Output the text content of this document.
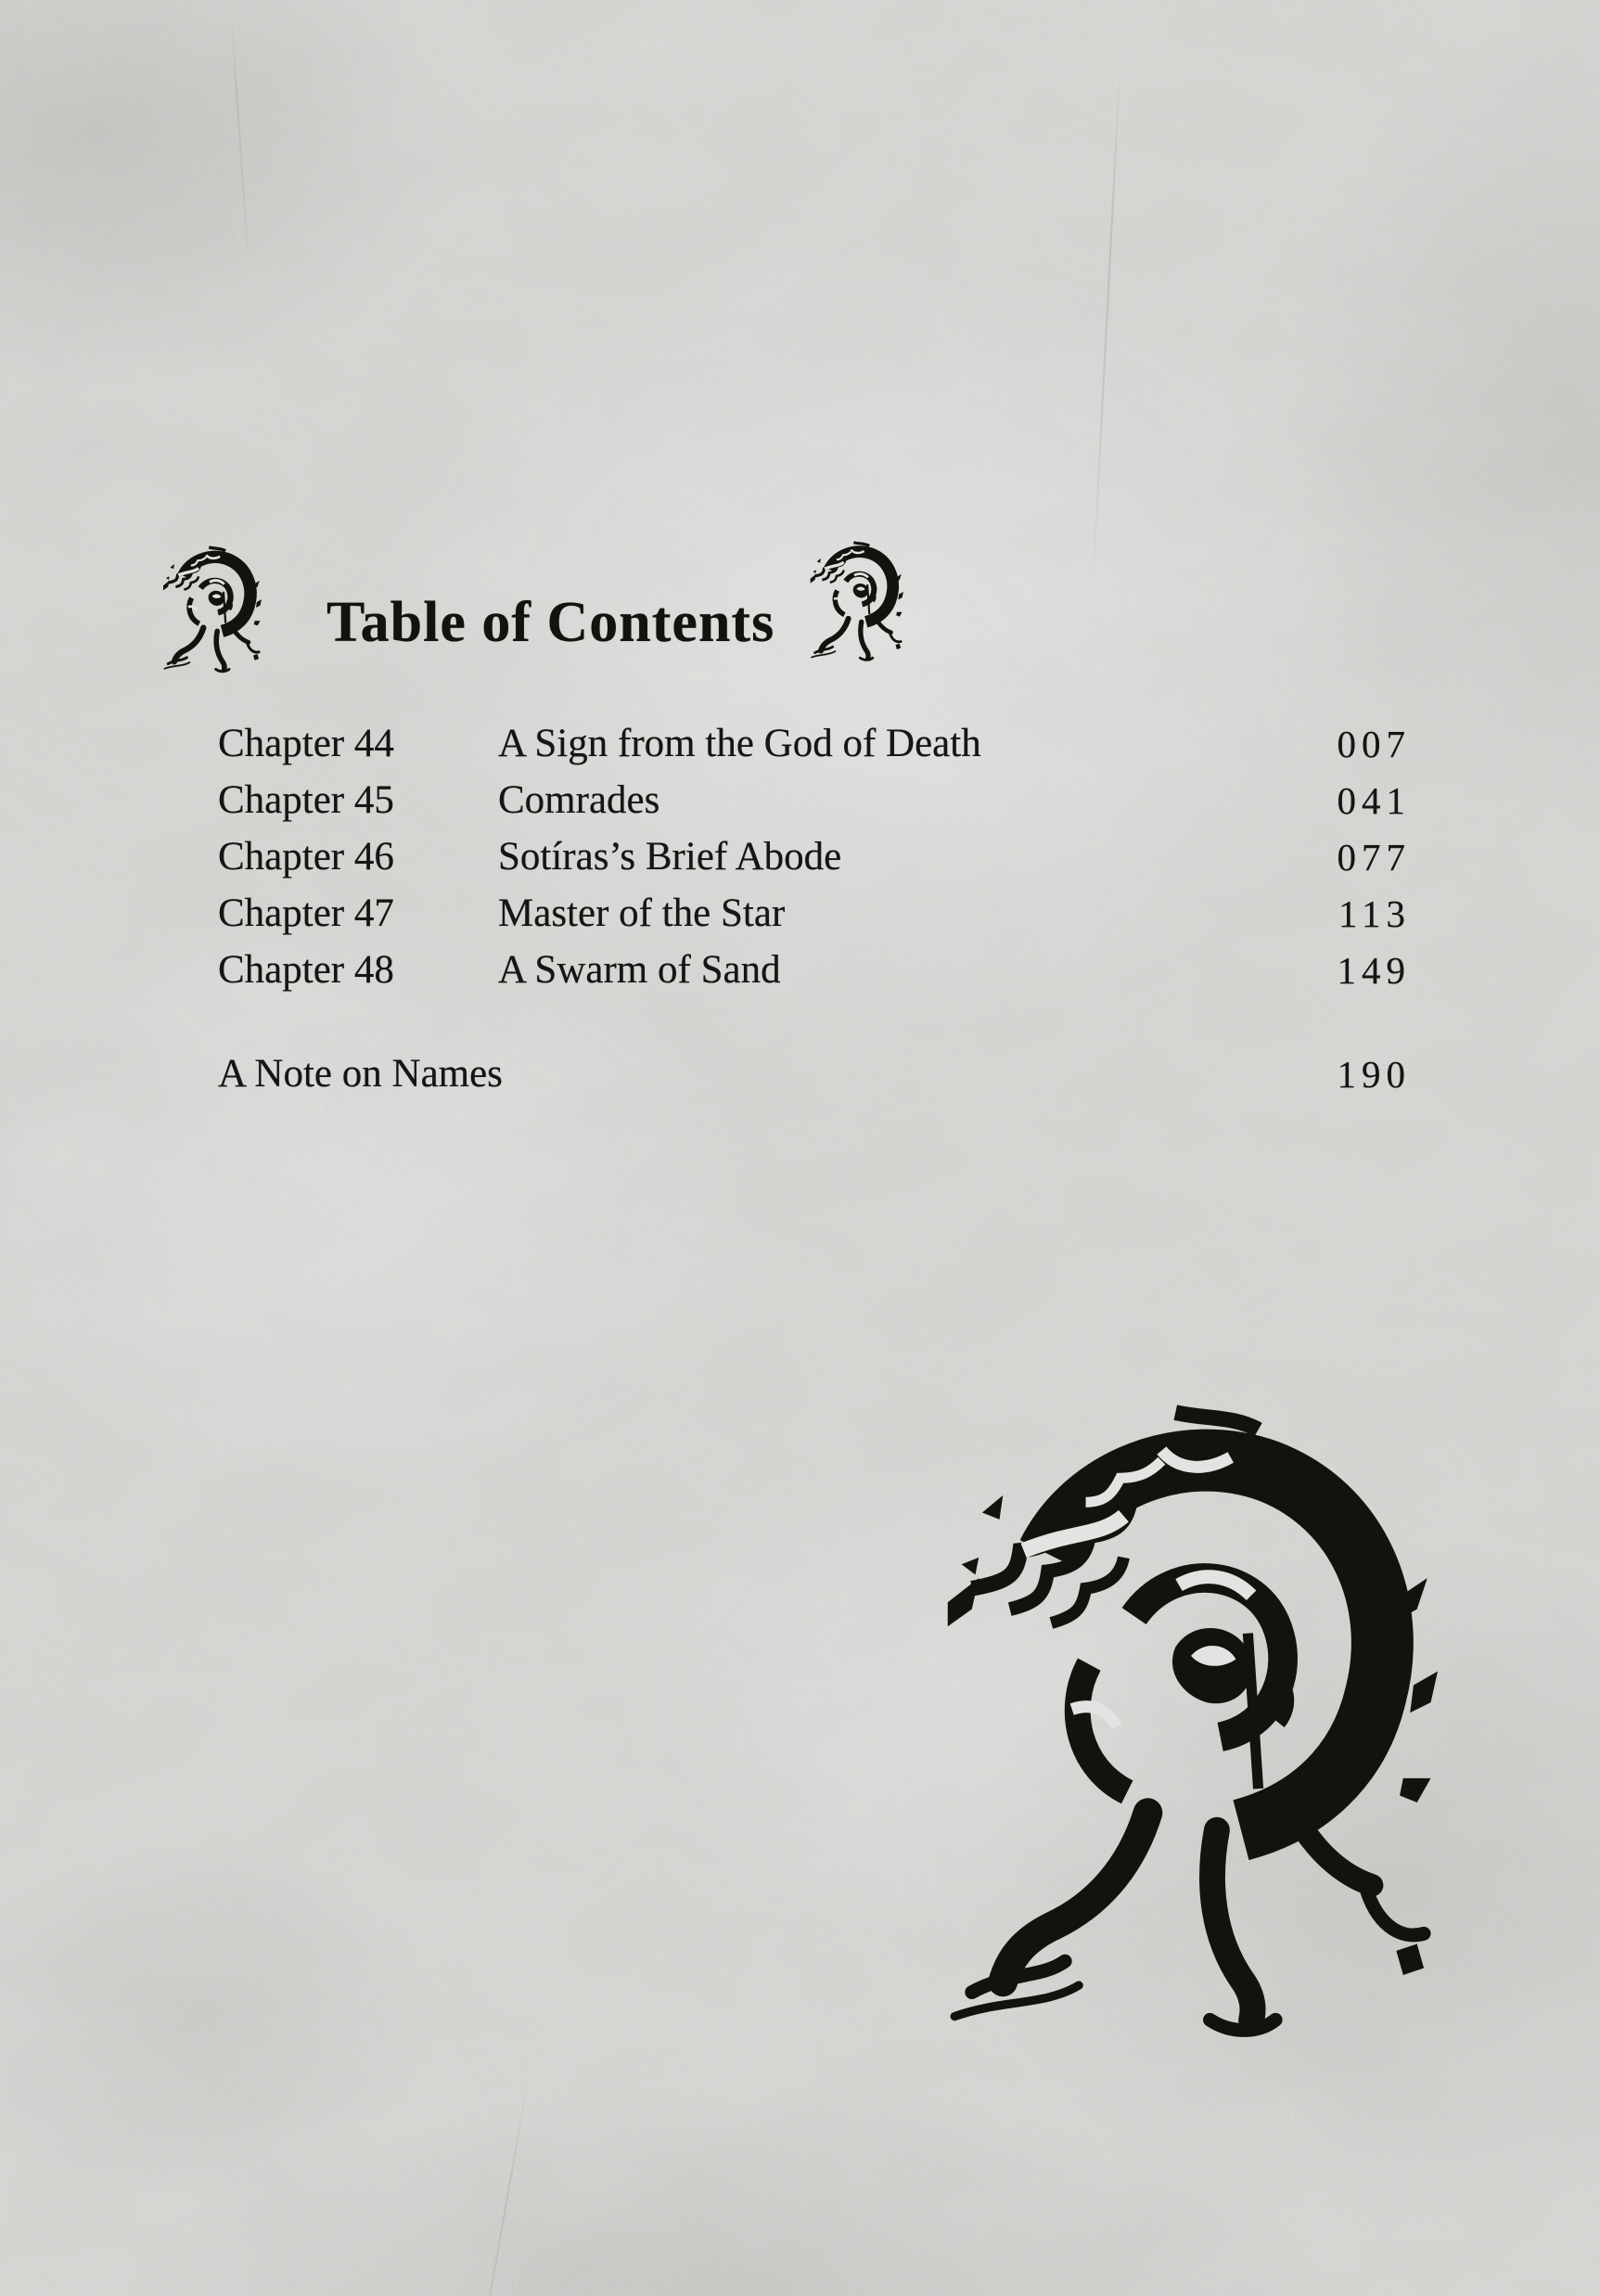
Table of Contents
Chapter 44	A Sign from the God of Death	007
Chapter 45	Comrades	041
Chapter 46	Sotíras’s Brief Abode	077
Chapter 47	Master of the Star	113
Chapter 48	A Swarm of Sand	149
A Note on Names	190
